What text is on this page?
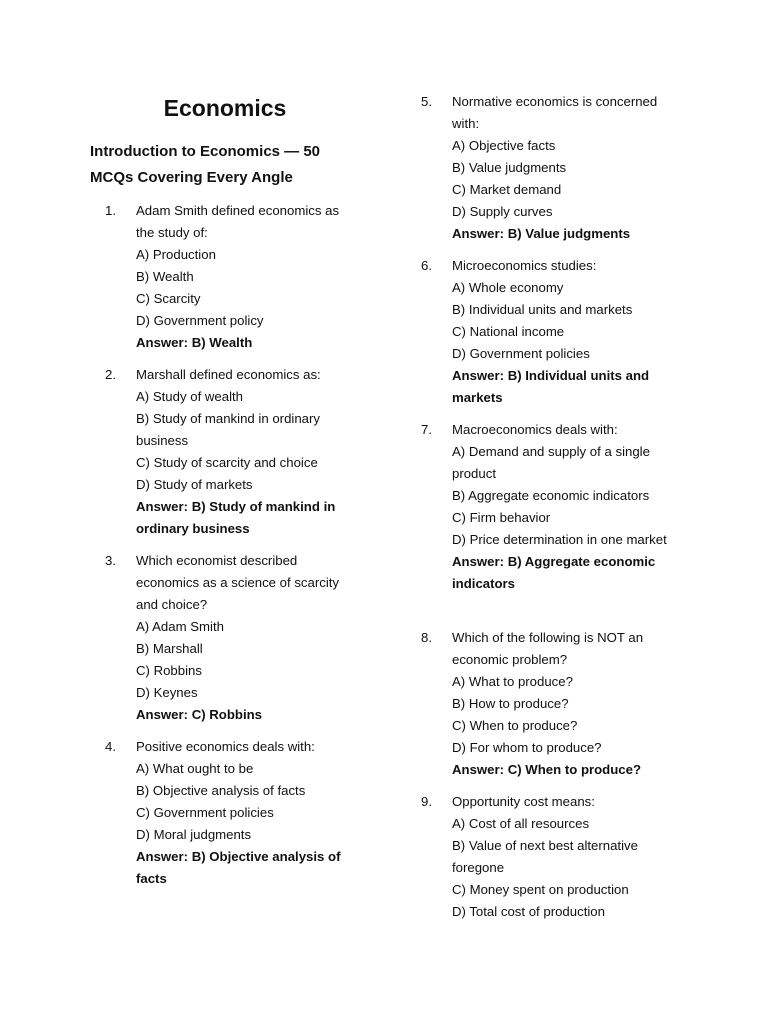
Economics
Introduction to Economics — 50 MCQs Covering Every Angle
1.	Adam Smith defined economics as the study of:
A) Production
B) Wealth
C) Scarcity
D) Government policy
Answer: B) Wealth
2.	Marshall defined economics as:
A) Study of wealth
B) Study of mankind in ordinary business
C) Study of scarcity and choice
D) Study of markets
Answer: B) Study of mankind in ordinary business
3.	Which economist described economics as a science of scarcity and choice?
A) Adam Smith
B) Marshall
C) Robbins
D) Keynes
Answer: C) Robbins
4.	Positive economics deals with:
A) What ought to be
B) Objective analysis of facts
C) Government policies
D) Moral judgments
Answer: B) Objective analysis of facts
5.	Normative economics is concerned with:
A) Objective facts
B) Value judgments
C) Market demand
D) Supply curves
Answer: B) Value judgments
6.	Microeconomics studies:
A) Whole economy
B) Individual units and markets
C) National income
D) Government policies
Answer: B) Individual units and markets
7.	Macroeconomics deals with:
A) Demand and supply of a single product
B) Aggregate economic indicators
C) Firm behavior
D) Price determination in one market
Answer: B) Aggregate economic indicators
8.	Which of the following is NOT an economic problem?
A) What to produce?
B) How to produce?
C) When to produce?
D) For whom to produce?
Answer: C) When to produce?
9.	Opportunity cost means:
A) Cost of all resources
B) Value of next best alternative foregone
C) Money spent on production
D) Total cost of production
